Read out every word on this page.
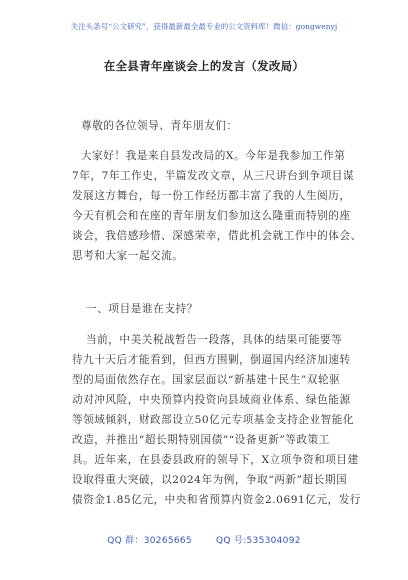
关注头条号“公文研究”，获得最新最全最专业的公文资料库！微信：gongwenyj
在全县青年座谈会上的发言（发改局）
尊敬的各位领导、青年朋友们：
大家好！我是来自县发改局的X。今年是我参加工作第
7年，7年工作史，半篇发改文章，从三尺讲台到争项目谋
发展这方舞台，每一份工作经历都丰富了我的人生阅历，
今天有机会和在座的青年朋友们参加这么隆重而特别的座
谈会，我倍感珍惜、深感荣幸，借此机会就工作中的体会、
思考和大家一起交流。
一、项目是谁在支持？
当前，中美关税战暂告一段落，具体的结果可能要等
待九十天后才能看到，但西方围剿，倒逼国内经济加速转
型的局面依然存在。国家层面以“新基建十民生”双轮驱
动对冲风险，中央预算内投资向县域商业体系、绿色能源
等领域倾斜，财政部设立50亿元专项基金支持企业智能化
改造，并推出“超长期特别国债”“设备更新”等政策工
具。近年来，在县委县政府的领导下，X立项争资和项目建
设取得重大突破，以2024年为例，争取“两新”超长期国
债资金1.85亿元，中央和省预算内资金2.0691亿元，发行
QQ 群：30265665	QQ 号:535304092
